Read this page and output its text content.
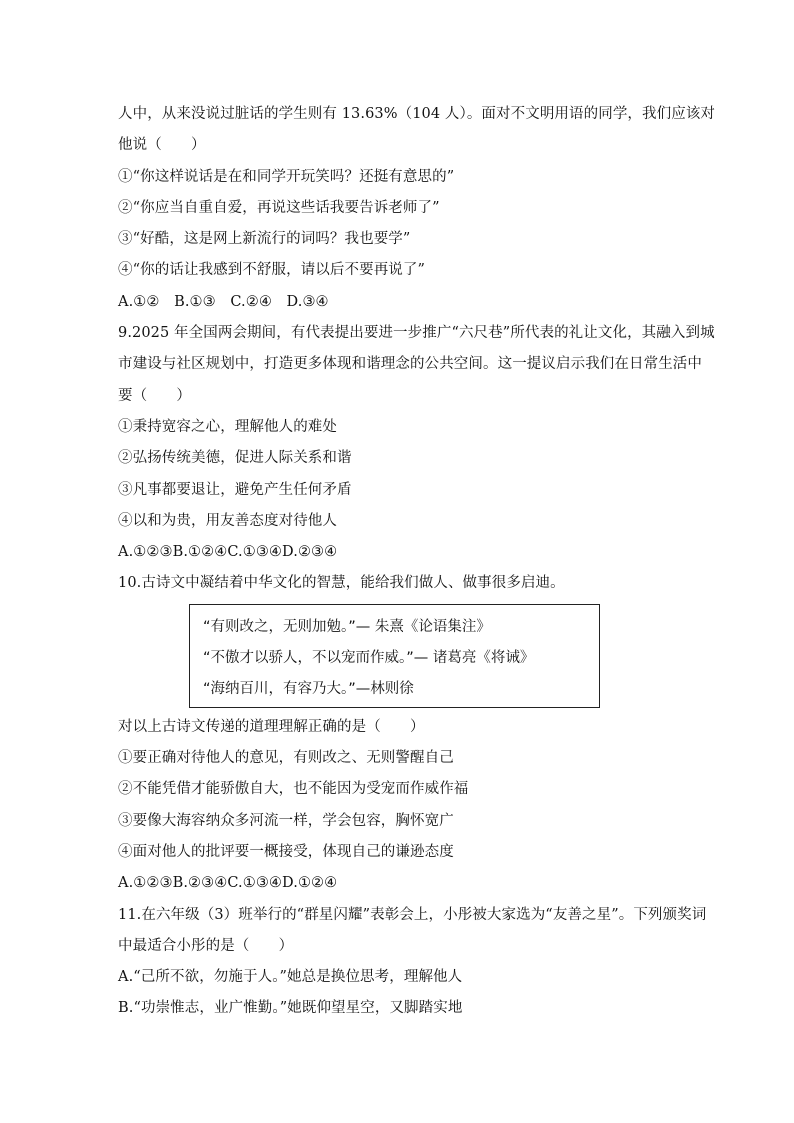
人中，从来没说过脏话的学生则有 13.63%（104 人）。面对不文明用语的同学，我们应该对
他说（　　）
①“你这样说话是在和同学开玩笑吗？还挺有意思的”
②“你应当自重自爱，再说这些话我要告诉老师了”
③“好酷，这是网上新流行的词吗？我也要学”
④“你的话让我感到不舒服，请以后不要再说了”
A.①②　B.①③　C.②④　D.③④
9.2025 年全国两会期间，有代表提出要进一步推广“六尺巷”所代表的礼让文化，其融入到城
市建设与社区规划中，打造更多体现和谐理念的公共空间。这一提议启示我们在日常生活中
要（　　）
①秉持宽容之心，理解他人的难处
②弘扬传统美德，促进人际关系和谐
③凡事都要退让，避免产生任何矛盾
④以和为贵，用友善态度对待他人
A.①②③B.①②④C.①③④D.②③④
10.古诗文中凝结着中华文化的智慧，能给我们做人、做事很多启迪。
“有则改之，无则加勉。”— 朱熹《论语集注》
“不傲才以骄人，不以宠而作威。”— 诸葛亮《将诫》
“海纳百川，有容乃大。”—林则徐
对以上古诗文传递的道理理解正确的是（　　）
①要正确对待他人的意见，有则改之、无则警醒自己
②不能凭借才能骄傲自大，也不能因为受宠而作威作福
③要像大海容纳众多河流一样，学会包容，胸怀宽广
④面对他人的批评要一概接受，体现自己的谦逊态度
A.①②③B.②③④C.①③④D.①②④
11.在六年级（3）班举行的“群星闪耀”表彰会上，小彤被大家选为“友善之星”。下列颁奖词
中最适合小彤的是（　　）
A.“己所不欲，勿施于人。”她总是换位思考，理解他人
B.“功崇惟志，业广惟勤。”她既仰望星空，又脚踏实地
